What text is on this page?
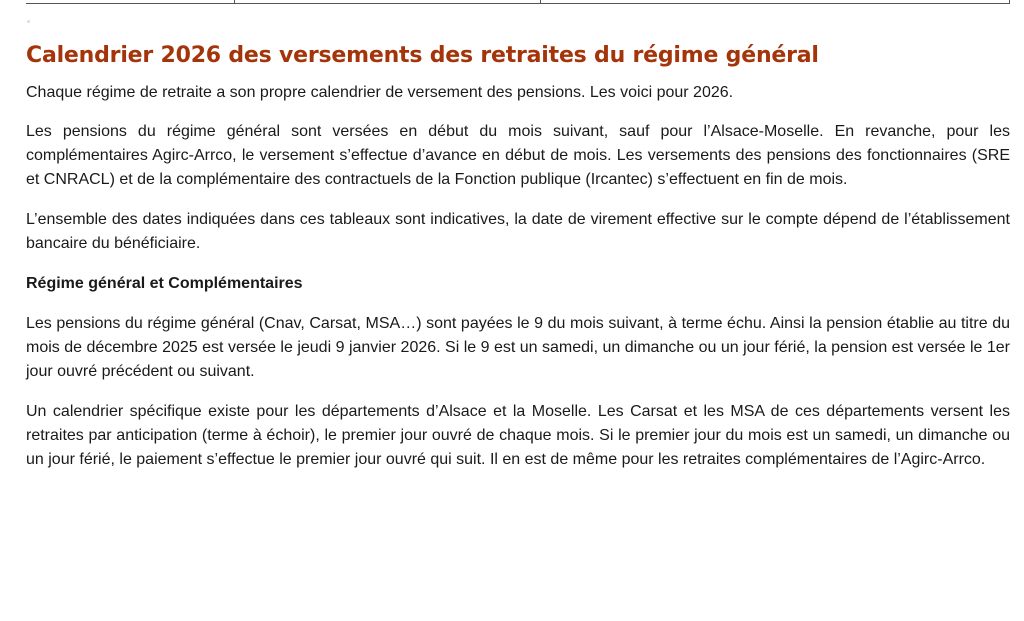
Calendrier 2026 des versements des retraites du régime général

Chaque régime de retraite a son propre calendrier de versement des pensions. Les voici pour 2026.

Les pensions du régime général sont versées en début du mois suivant, sauf pour l’Alsace-Moselle. En revanche, pour les complémentaires Agirc-Arrco, le versement s’effectue d’avance en début de mois. Les versements des pensions des fonctionnaires (SRE et CNRACL) et de la complémentaire des contractuels de la Fonction publique (Ircantec) s’effectuent en fin de mois.

L’ensemble des dates indiquées dans ces tableaux sont indicatives, la date de virement effective sur le compte dépend de l’établissement bancaire du bénéficiaire.

Régime général et Complémentaires

Les pensions du régime général (Cnav, Carsat, MSA…) sont payées le 9 du mois suivant, à terme échu. Ainsi la pension établie au titre du mois de décembre 2025 est versée le jeudi 9 janvier 2026. Si le 9 est un samedi, un dimanche ou un jour férié, la pension est versée le 1er jour ouvré précédent ou suivant.

Un calendrier spécifique existe pour les départements d’Alsace et la Moselle. Les Carsat et les MSA de ces départements versent les retraites par anticipation (terme à échoir), le premier jour ouvré de chaque mois. Si le premier jour du mois est un samedi, un dimanche ou un jour férié, le paiement s’effectue le premier jour ouvré qui suit. Il en est de même pour les retraites complémentaires de l’Agirc-Arrco.
